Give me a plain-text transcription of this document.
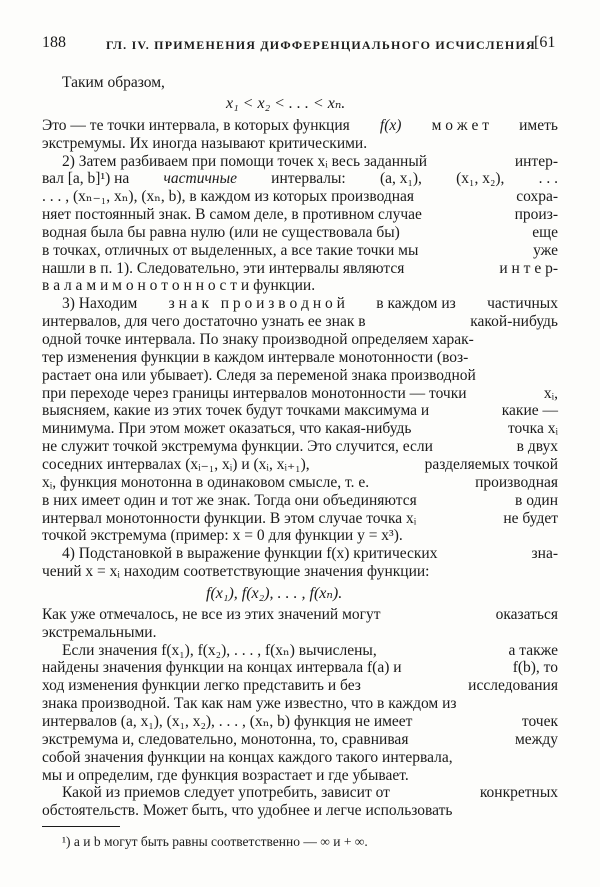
188	ГЛ. IV. ПРИМЕНЕНИЯ ДИФФЕРЕНЦИАЛЬНОГО ИСЧИСЛЕНИЯ
[61
Таким образом,
x₁ < x₂ < . . . < xₙ.
Это — те точки интервала, в которых функция f(x) м о ж е т иметь
экстремумы. Их иногда называют критическими.
2) Затем разбиваем при помощи точек xᵢ весь заданный	интер-
вал [a, b]¹) на частичные интервалы: (a, x₁), (x₁, x₂), . . .
. . . , (xₙ₋₁, xₙ), (xₙ, b), в каждом из которых производная	сохра-
няет постоянный знак. В самом деле, в противном случае	произ-
водная была бы равна нулю (или не существовала бы)	еще
в точках, отличных от выделенных, а все такие точки мы	уже
нашли в п. 1). Следовательно, эти интервалы являются	и н т е р-
в а л а м и м о н о т о н н о с т и функции.
3) Находим з н а к   п р о и з в о д н о й в каждом из частичных
интервалов, для чего достаточно узнать ее знак в	какой-нибудь
одной точке интервала. По знаку производной определяем харак-
тер изменения функции в каждом интервале монотонности (воз-
растает она или убывает). Следя за переменой знака производной
при переходе через границы интервалов монотонности — точки	xᵢ,
выясняем, какие из этих точек будут точками максимума и	какие —
минимума. При этом может оказаться, что какая-нибудь	точка xᵢ
не служит точкой экстремума функции. Это случится, если	в двух
соседних интервалах (xᵢ₋₁, xᵢ) и (xᵢ, xᵢ₊₁),	разделяемых точкой
xᵢ, функция монотонна в одинаковом смысле, т. е.	производная
в них имеет один и тот же знак. Тогда они объединяются	в один
интервал монотонности функции. В этом случае точка xᵢ	не будет
точкой экстремума (пример: x = 0 для функции y = x³).
4) Подстановкой в выражение функции f(x) критических	зна-
чений x = xᵢ находим соответствующие значения функции:
f(x₁), f(x₂), . . . , f(xₙ).
Как уже отмечалось, не все из этих значений могут	оказаться
экстремальными.
Если значения f(x₁), f(x₂), . . . , f(xₙ) вычислены,	а также
найдены значения функции на концах интервала f(a) и	f(b), то
ход изменения функции легко представить и без	исследования
знака производной. Так как нам уже известно, что в каждом из
интервалов (a, x₁), (x₁, x₂), . . . , (xₙ, b) функция не имеет	точек
экстремума и, следовательно, монотонна, то, сравнивая	между
собой значения функции на концах каждого такого интервала,
¹) a и b могут быть равны соответственно — ∞ и + ∞.
мы и определим, где функция возрастает и где убывает.
Какой из приемов следует употребить, зависит от	конкретных
обстоятельств. Может быть, что удобнее и легче использовать
